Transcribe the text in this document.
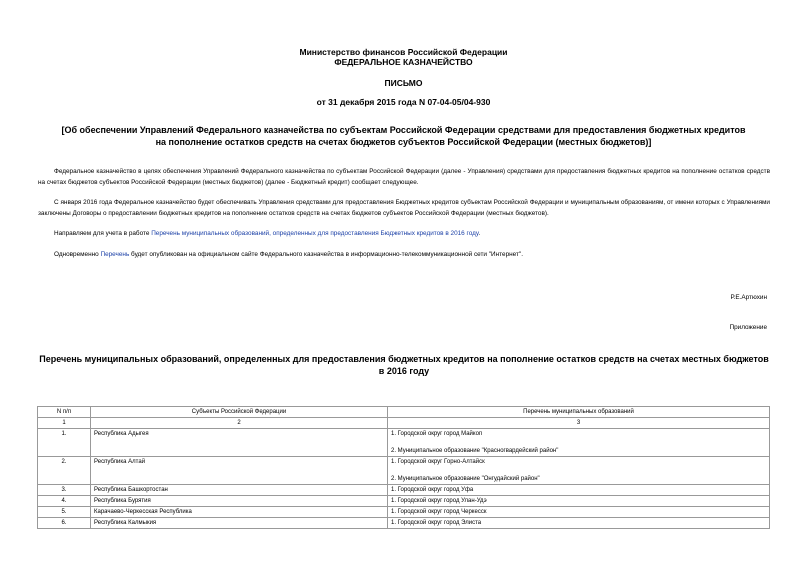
Министерство финансов Российской Федерации
ФЕДЕРАЛЬНОЕ КАЗНАЧЕЙСТВО
ПИСЬМО
от 31 декабря 2015 года N 07-04-05/04-930
[Об обеспечении Управлений Федерального казначейства по субъектам Российской Федерации средствами для предоставления бюджетных кредитов на пополнение остатков средств на счетах бюджетов субъектов Российской Федерации (местных бюджетов)]
Федеральное казначейство в целях обеспечения Управлений Федерального казначейства по субъектам Российской Федерации (далее - Управления) средствами для предоставления бюджетных кредитов на пополнение остатков средств на счетах бюджетов субъектов Российской Федерации (местных бюджетов) (далее - Бюджетный кредит) сообщает следующее.
С января 2016 года Федеральное казначейство будет обеспечивать Управления средствами для предоставления Бюджетных кредитов субъектам Российской Федерации и муниципальным образованиям, от имени которых с Управлениями заключены Договоры о предоставлении бюджетных кредитов на пополнение остатков средств на счетах бюджетов субъектов Российской Федерации (местных бюджетов).
Направляем для учета в работе Перечень муниципальных образований, определенных для предоставления Бюджетных кредитов в 2016 году.
Одновременно Перечень будет опубликован на официальном сайте Федерального казначейства в информационно-телекоммуникационной сети "Интернет".
Р.Е.Артюхин
Приложение
Перечень муниципальных образований, определенных для предоставления бюджетных кредитов на пополнение остатков средств на счетах местных бюджетов в 2016 году
N п/п	Субъекты Российской Федерации	Перечень муниципальных образований
1	2	3
1.	Республика Адыгея	1. Городской округ город Майкоп
2. Муниципальное образование "Красногвардейский район"

2.	Республика Алтай	1. Городской округ Горно-Алтайск
2. Муниципальное образование "Онгудайский район"

3.	Республика Башкортостан	1. Городской округ город Уфа
4.	Республика Бурятия	1. Городской округ город Улан-Удэ
5.	Карачаево-Черкесская Республика	1. Городской округ город Черкесск
6.	Республика Калмыкия	1. Городской округ город Элиста
